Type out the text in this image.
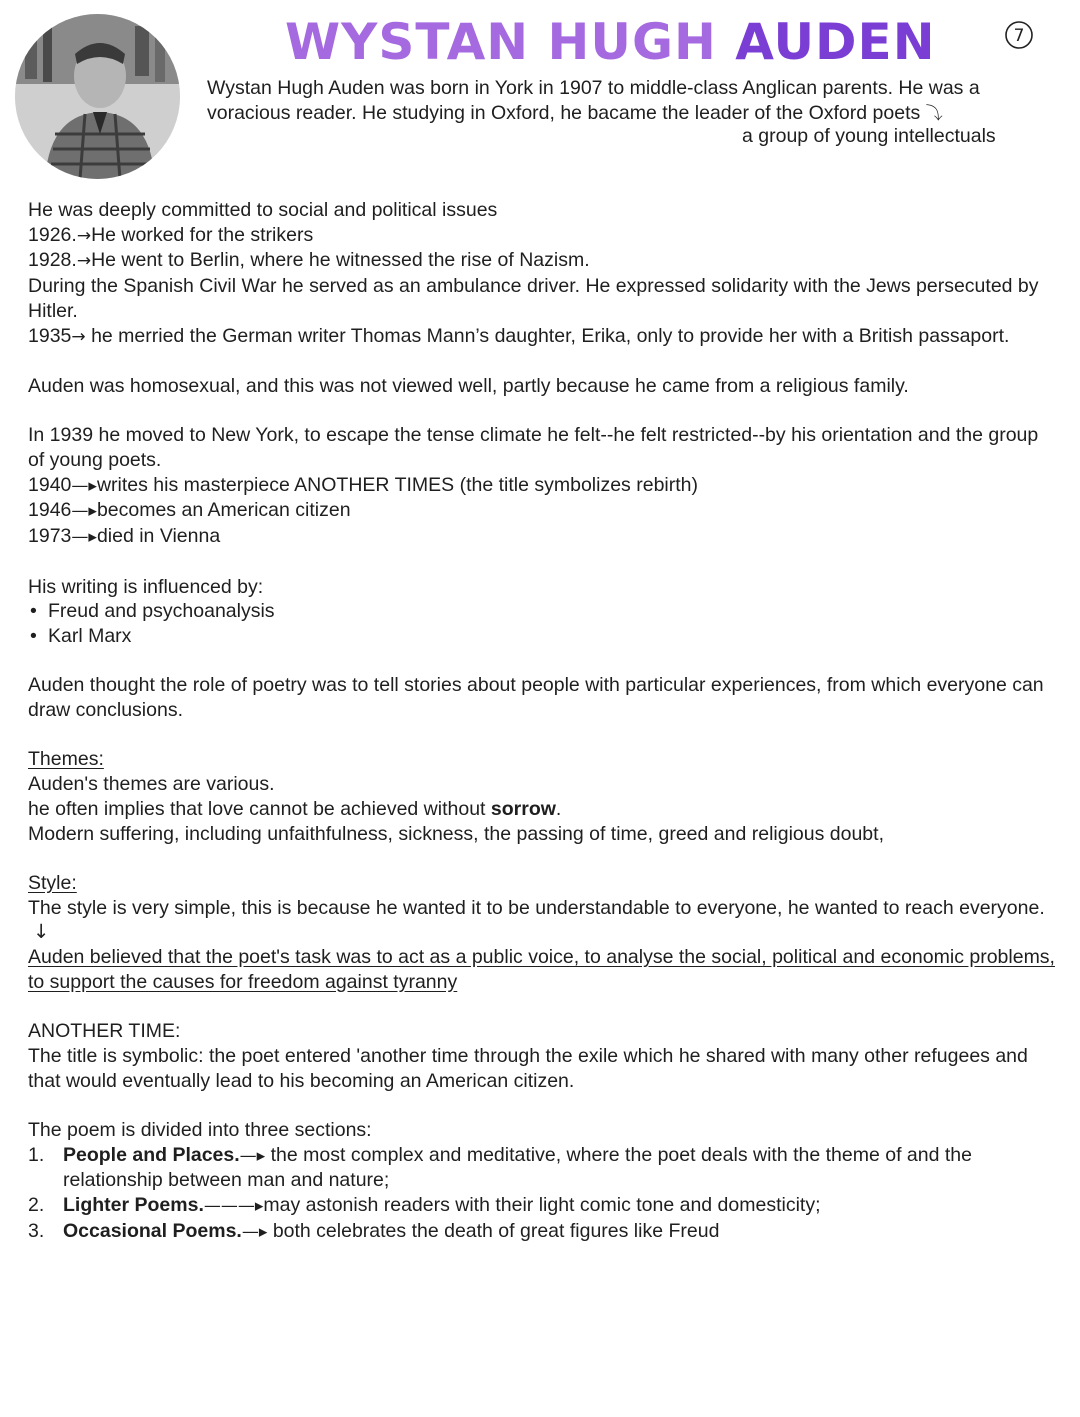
WYSTAN HUGH AUDEN	7
Wystan Hugh Auden was born in York in 1907 to middle-class Anglican parents. He was a
voracious reader. He studying in Oxford, he bacame the leader of the Oxford poets ⤵
a group of young intellectuals

He was deeply committed to social and political issues

1926.→He worked for the strikers

1928.→He went to Berlin, where he witnessed the rise of Nazism.

During the Spanish Civil War he served as an ambulance driver. He expressed solidarity with the Jews persecuted by Hitler.

1935→ he merried the German writer Thomas Mann’s daughter, Erika, only to provide her with a British passaport.

Auden was homosexual, and this was not viewed well, partly because he came from a religious family.

In 1939 he moved to New York, to escape the tense climate he felt--he felt restricted--by his orientation and the group of young poets.

1940—▸writes his masterpiece ANOTHER TIMES (the title symbolizes rebirth)

1946—▸becomes an American citizen

1973—▸died in Vienna

His writing is influenced by:

• Freud and psychoanalysis
• Karl Marx

Auden thought the role of poetry was to tell stories about people with particular experiences, from which everyone can draw conclusions.

Themes:

Auden's themes are various.

he often implies that love cannot be achieved without sorrow.

Modern suffering, including unfaithfulness, sickness, the passing of time, greed and religious doubt,

Style:

The style is very simple, this is because he wanted it to be understandable to everyone, he wanted to reach everyone.

↓

Auden believed that the poet's task was to act as a public voice, to analyse the social, political and economic problems, to support the causes for freedom against tyranny

ANOTHER TIME:

The title is symbolic: the poet entered 'another time through the exile which he shared with many other refugees and that would eventually lead to his becoming an American citizen.

The poem is divided into three sections:

1. People and Places.—▸ the most complex and meditative, where the poet deals with the theme of and the relationship between man and nature;
2. Lighter Poems.———▸may astonish readers with their light comic tone and domesticity;
3. Occasional Poems.—▸ both celebrates the death of great figures like Freud
